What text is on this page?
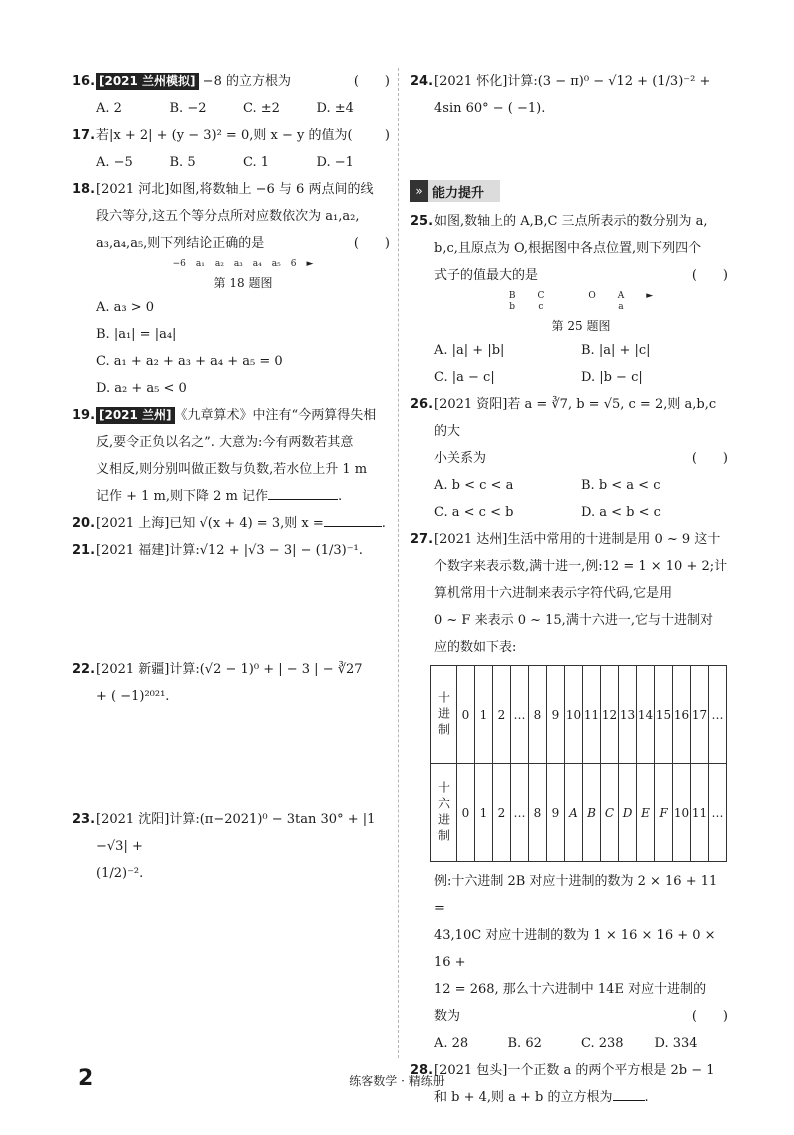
16. [2021 兰州模拟] −8 的立方根为	(　　)
A. 2	B. −2	C. ±2	D. ±4
17. 若|x + 2| + (y − 3)² = 0,则 x − y 的值为( )
A. −5	B. 5	C. 1	D. −1
18. [2021 河北]如图,将数轴上 −6 与 6 两点间的线
段六等分,这五个等分点所对应数依次为 a₁,a₂,
a₃,a₄,a₅,则下列结论正确的是	(　　)
−6 a₁ a₂ a₃ a₄ a₅ 6 ►
第 18 题图
A. a₃ > 0
B. |a₁| = |a₄|
C. a₁ + a₂ + a₃ + a₄ + a₅ = 0
D. a₂ + a₅ < 0
19. [2021 兰州] 《九章算术》中注有“今两算得失相
反,要令正负以名之”. 大意为:今有两数若其意
义相反,则分别叫做正数与负数,若水位上升 1 m
记作 + 1 m,则下降 2 m 记作	.
20. [2021 上海]已知 √(x + 4) = 3,则 x =	.
21. [2021 福建]计算:√12 + |√3 − 3| − (1/3)⁻¹.
22. [2021 新疆]计算:(√2 − 1)⁰ + | − 3 | − ∛27
+ ( −1)²⁰²¹.
23. [2021 沈阳]计算:(π−2021)⁰ − 3tan 30° + |1 −√3| +
(1/2)⁻².
24. [2021 怀化]计算:(3 − π)⁰ − √12 + (1/3)⁻² +
4sin 60° − ( −1).
» 能力提升
25. 如图,数轴上的 A,B,C 三点所表示的数分别为 a,
b,c,且原点为 O,根据图中各点位置,则下列四个
式子的值最大的是	(　　)
B
b
C
c
O A
a
►
第 25 题图
A. |a| + |b|	B. |a| + |c|
C. |a − c|	D. |b − c|
26. [2021 资阳]若 a = ∛7, b = √5, c = 2,则 a,b,c 的大
小关系为	(　　)
A. b < c < a	B. b < a < c
C. a < c < b	D. a < b < c
27. [2021 达州]生活中常用的十进制是用 0 ~ 9 这十
个数字来表示数,满十进一,例:12 = 1 × 10 + 2;计
算机常用十六进制来表示字符代码,它是用
0 ~ F 来表示 0 ~ 15,满十六进一,它与十进制对
应的数如下表:
十进制	0	1	2	…	8	9	10	11	12	13	14	15	16	17	…
十六进制	0	1	2	…	8	9	A	B	C	D	E	F	10	11	…
例:十六进制 2B 对应十进制的数为 2 × 16 + 11 =
43,10C 对应十进制的数为 1 × 16 × 16 + 0 × 16 +
12 = 268, 那么十六进制中 14E 对应十进制的
数为	(　　)
A. 28	B. 62	C. 238	D. 334
28. [2021 包头]一个正数 a 的两个平方根是 2b − 1
和 b + 4,则 a + b 的立方根为 .
2	练客数学 · 精练册
